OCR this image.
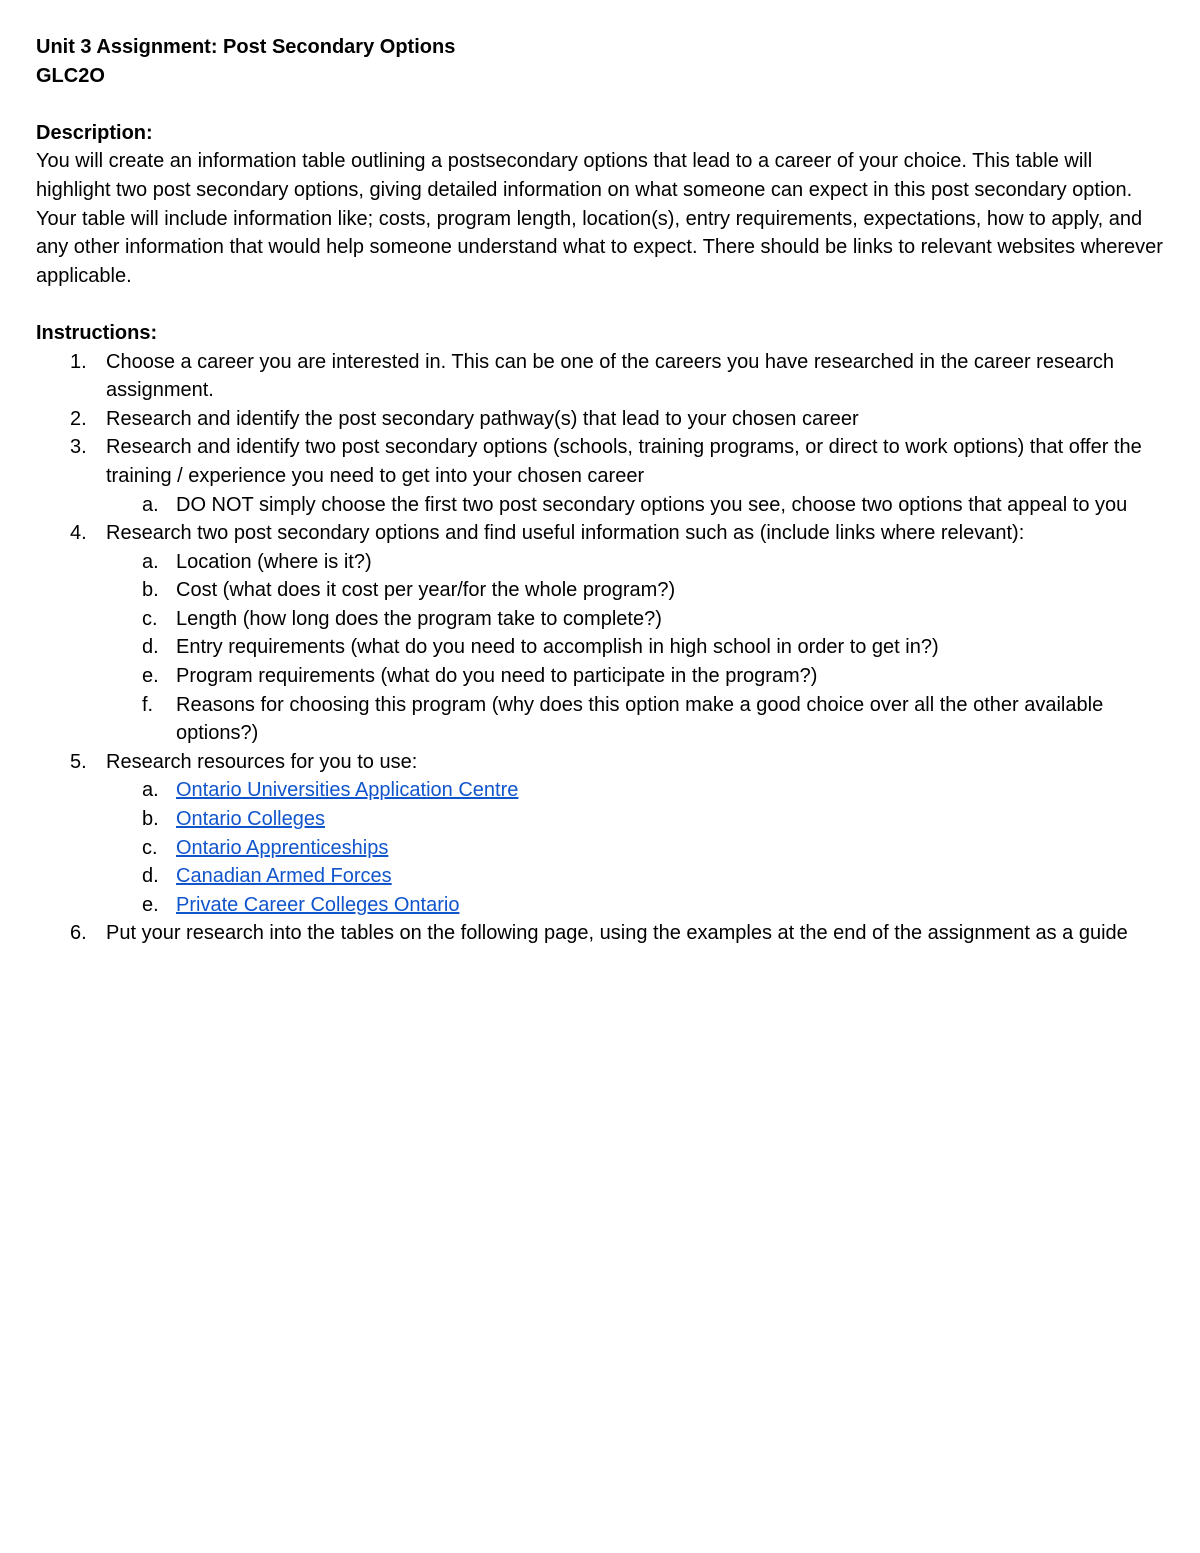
Unit 3 Assignment: Post Secondary Options

GLC2O

Description:

You will create an information table outlining a postsecondary options that lead to a career of your choice. This table will highlight two post secondary options, giving detailed information on what someone can expect in this post secondary option. Your table will include information like; costs, program length, location(s), entry requirements, expectations, how to apply, and any other information that would help someone understand what to expect. There should be links to relevant websites wherever applicable.

Instructions:

1. Choose a career you are interested in. This can be one of the careers you have researched in the career research assignment.
2. Research and identify the post secondary pathway(s) that lead to your chosen career
3. Research and identify two post secondary options (schools, training programs, or direct to work options) that offer the training / experience you need to get into your chosen career
a. DO NOT simply choose the first two post secondary options you see, choose two options that appeal to you
4. Research two post secondary options and find useful information such as (include links where relevant):
a. Location (where is it?)
b. Cost (what does it cost per year/for the whole program?)
c. Length (how long does the program take to complete?)
d. Entry requirements (what do you need to accomplish in high school in order to get in?)
e. Program requirements (what do you need to participate in the program?)
f. Reasons for choosing this program (why does this option make a good choice over all the other available options?)
5. Research resources for you to use:
a. Ontario Universities Application Centre
b. Ontario Colleges
c. Ontario Apprenticeships
d. Canadian Armed Forces
e. Private Career Colleges Ontario
6. Put your research into the tables on the following page, using the examples at the end of the assignment as a guide
